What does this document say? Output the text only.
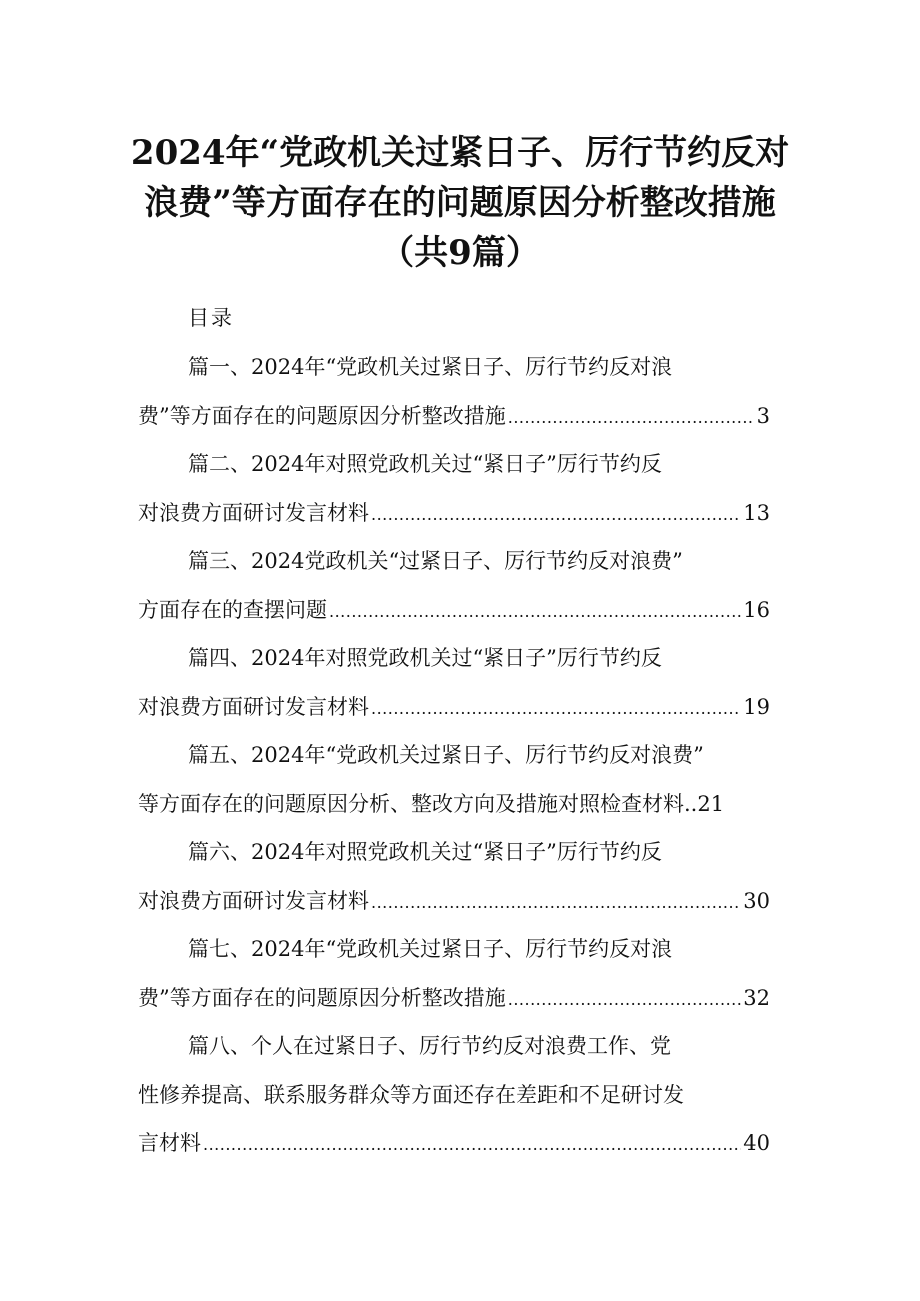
2024年“党政机关过紧日子、厉行节约反对
浪费”等方面存在的问题原因分析整改措施
（共9篇）
目录
篇一、2024年“党政机关过紧日子、厉行节约反对浪
费”等方面存在的问题原因分析整改措施 .....	3
篇二、2024年对照党政机关过“紧日子”厉行节约反
对浪费方面研讨发言材料 .....	13
篇三、2024党政机关“过紧日子、厉行节约反对浪费”
方面存在的查摆问题 .....	16
篇四、2024年对照党政机关过“紧日子”厉行节约反
对浪费方面研讨发言材料 .....	19
篇五、2024年“党政机关过紧日子、厉行节约反对浪费”
等方面存在的问题原因分析、整改方向及措施对照检查材料 .. 21
篇六、2024年对照党政机关过“紧日子”厉行节约反
对浪费方面研讨发言材料 .....	30
篇七、2024年“党政机关过紧日子、厉行节约反对浪
费”等方面存在的问题原因分析整改措施 .....	32
篇八、个人在过紧日子、厉行节约反对浪费工作、党
性修养提高、联系服务群众等方面还存在差距和不足研讨发
言材料 .....	40
